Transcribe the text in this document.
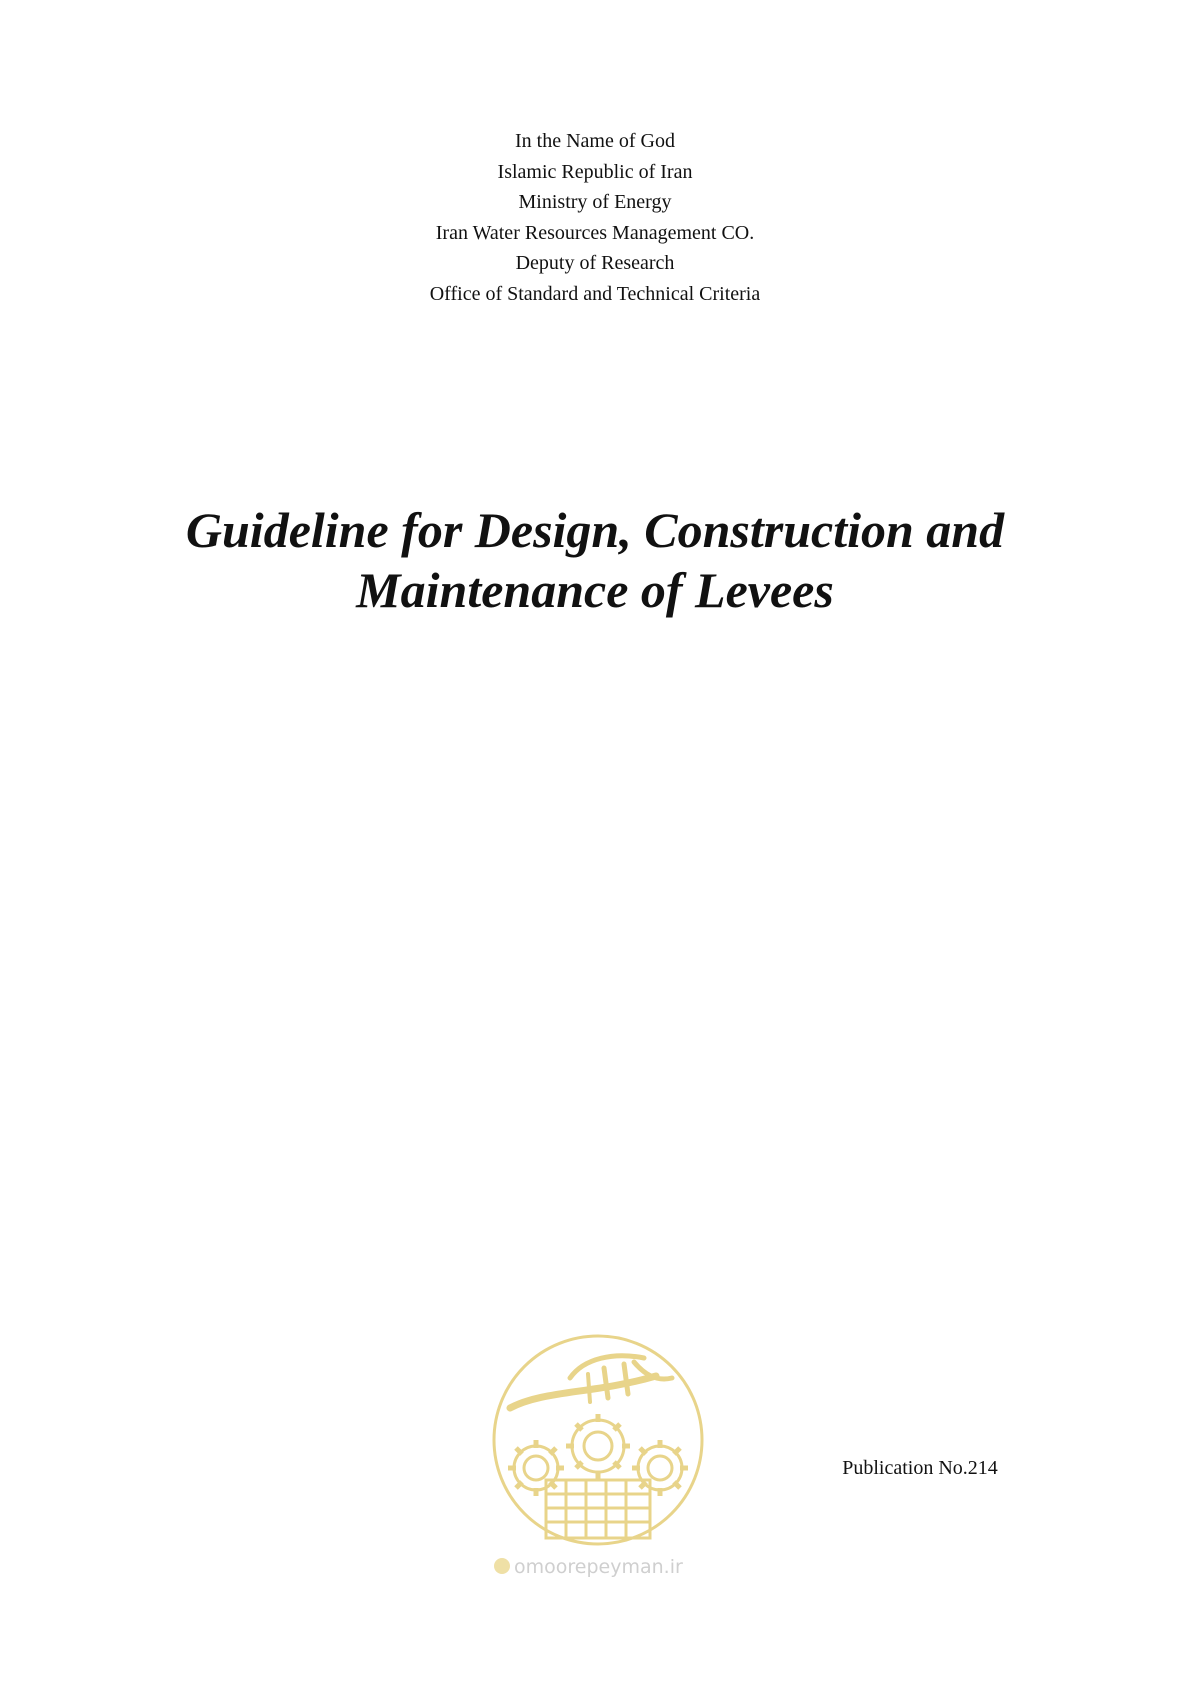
In the Name of God

Islamic Republic of Iran

Ministry of Energy

Iran Water Resources Management CO.

Deputy of Research

Office of Standard and Technical Criteria

Guideline for Design, Construction and

Maintenance of Levees

omoorepeyman.ir
Publication No.214
